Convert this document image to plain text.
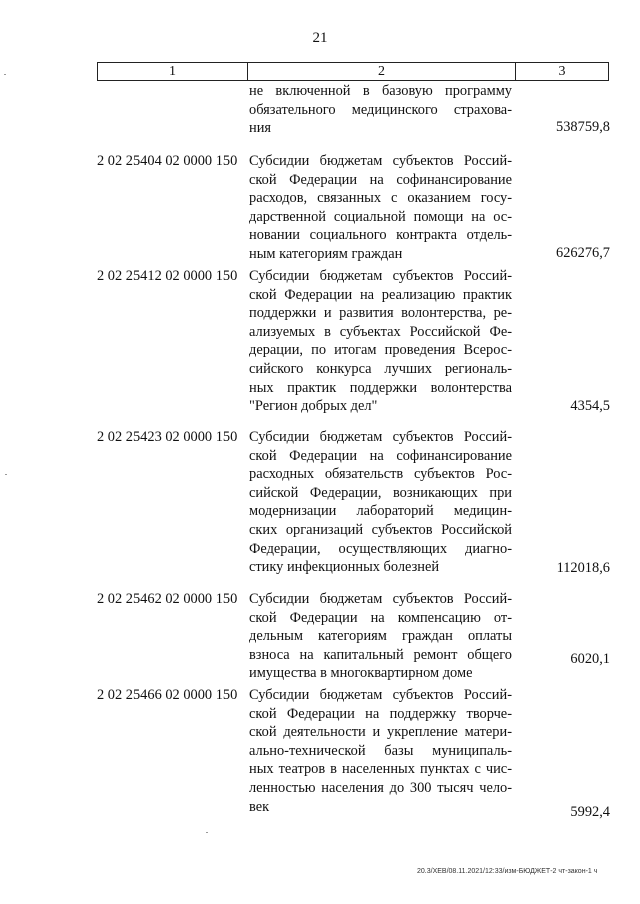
21
1	2	3
не включенной в базовую программу
обязательного медицинского страхова-
ния	538759,8
2 02 25404 02 0000 150 Субсидии бюджетам субъектов Россий-
ской Федерации на софинансирование
расходов, связанных с оказанием госу-
дарственной социальной помощи на ос-
новании социального контракта отдель-
ным категориям граждан	626276,7
2 02 25412 02 0000 150 Субсидии бюджетам субъектов Россий-
ской Федерации на реализацию практик
поддержки и развития волонтерства, ре-
ализуемых в субъектах Российской Фе-
дерации, по итогам проведения Всерос-
сийского конкурса лучших региональ-
ных практик поддержки волонтерства
"Регион добрых дел"	4354,5
2 02 25423 02 0000 150 Субсидии бюджетам субъектов Россий-
ской Федерации на софинансирование
расходных обязательств субъектов Рос-
сийской Федерации, возникающих при
модернизации лабораторий медицин-
ских организаций субъектов Российской
Федерации, осуществляющих диагно-
стику инфекционных болезней	112018,6
2 02 25462 02 0000 150 Субсидии бюджетам субъектов Россий-
ской Федерации на компенсацию от-
дельным категориям граждан оплаты
взноса на капитальный ремонт общего
имущества в многоквартирном доме
6020,1
2 02 25466 02 0000 150 Субсидии бюджетам субъектов Россий-
ской Федерации на поддержку творче-
ской деятельности и укрепление матери-
ально-технической базы муниципаль-
ных театров в населенных пунктах с чис-
ленностью населения до 300 тысяч чело-
век	5992,4
20.3/ХЕВ/08.11.2021/12:33/изм-БЮДЖЕТ-2 чт-закон-1 ч
